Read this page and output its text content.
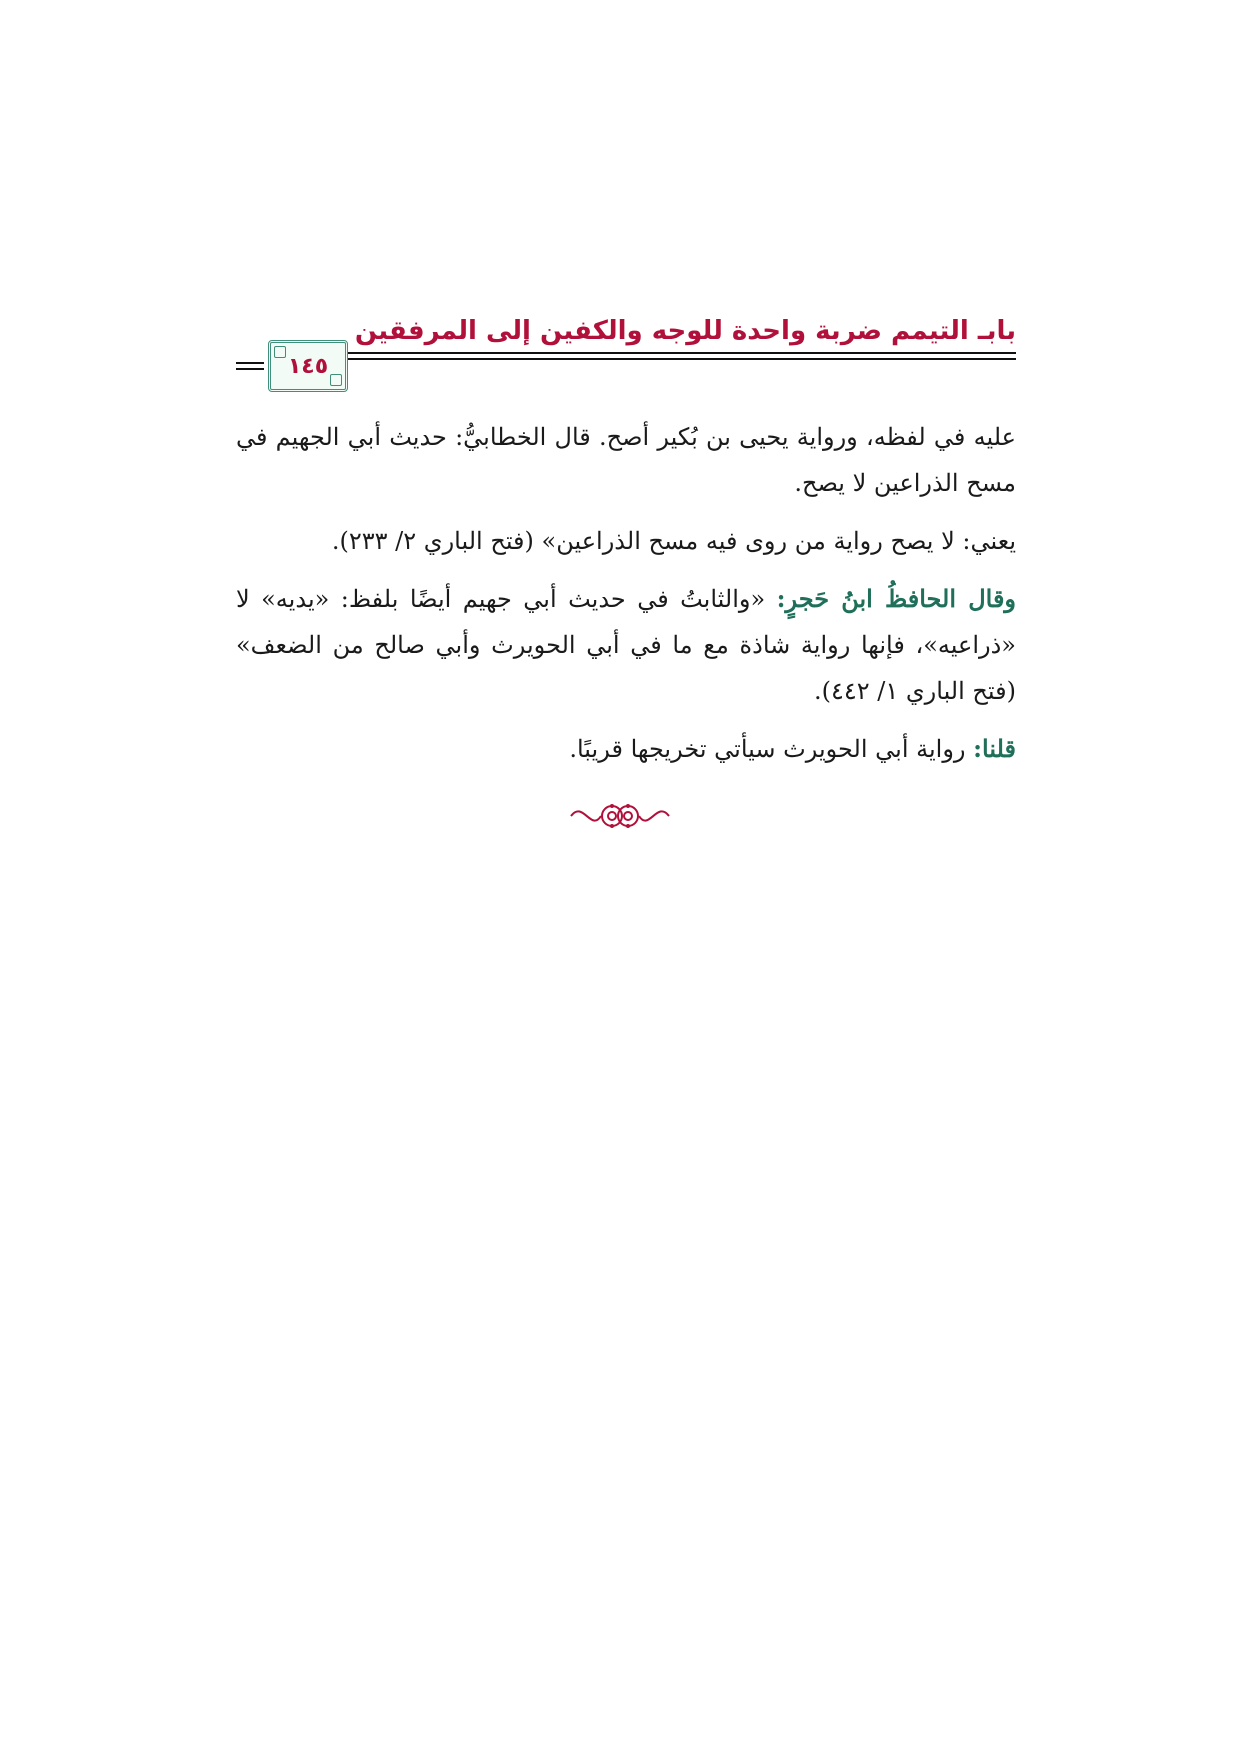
بابـ التيمم ضربة واحدة للوجه والكفين إلى المرفقين
١٤٥

عليه في لفظه، ورواية يحيى بن بُكير أصح. قال الخطابيُّ: حديث أبي الجهيم في مسح الذراعين لا يصح.

يعني: لا يصح رواية من روى فيه مسح الذراعين» (فتح الباري ٢/ ٢٣٣).

وقال الحافظُ ابنُ حَجرٍ: «والثابتُ في حديث أبي جهيم أيضًا بلفظ: «يديه» لا «ذراعيه»، فإنها رواية شاذة مع ما في أبي الحويرث وأبي صالح من الضعف» (فتح الباري ١/ ٤٤٢).

قلنا: رواية أبي الحويرث سيأتي تخريجها قريبًا.
